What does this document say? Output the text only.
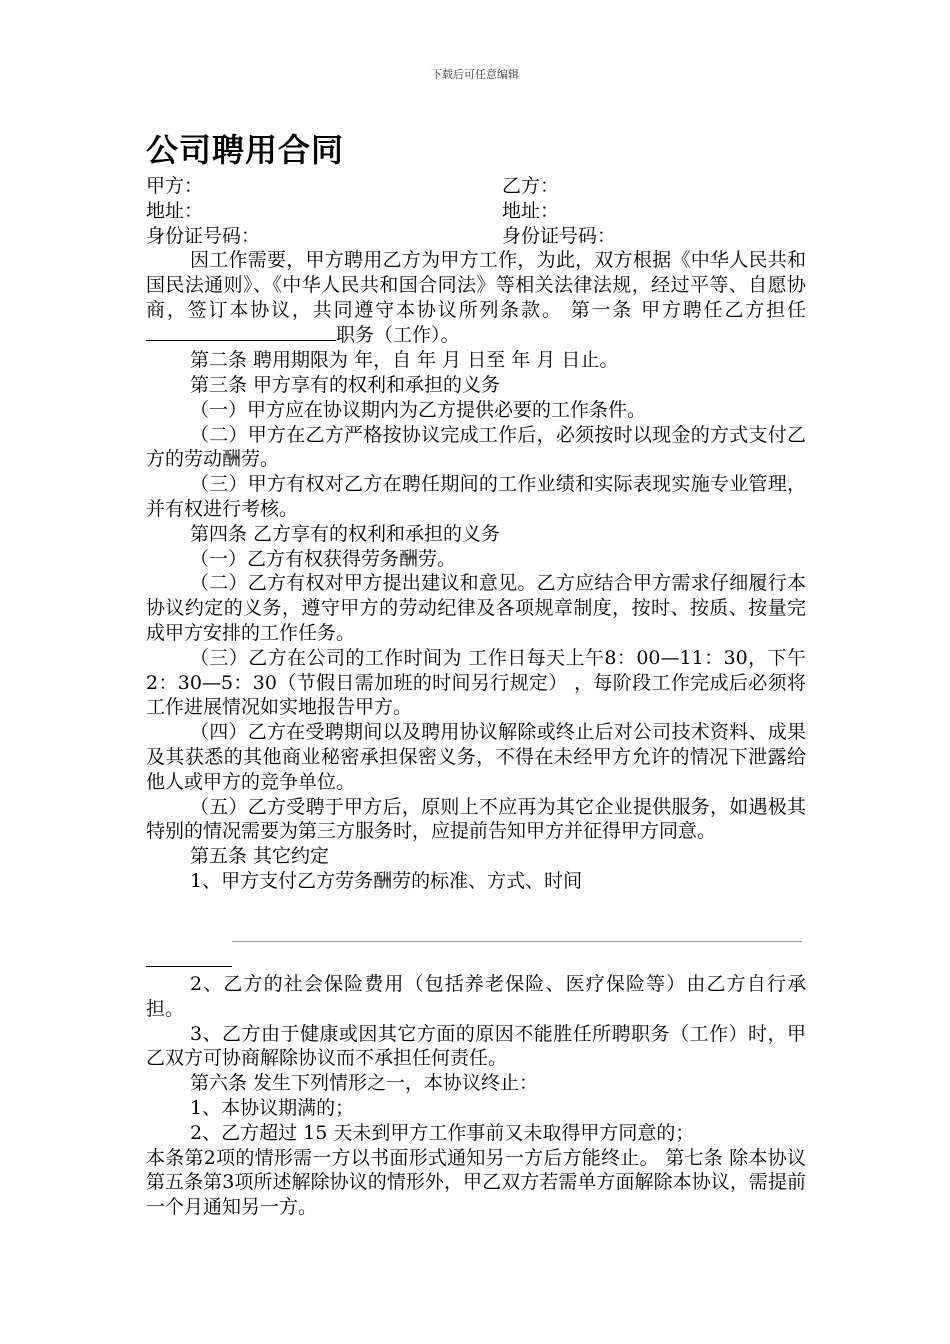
下载后可任意编辑
公司聘用合同
甲方：	乙方：
地址：	地址：
身份证号码：	身份证号码：

因工作需要，甲方聘用乙方为甲方工作，为此，双方根据《中华人民共和国民法通则》、《中华人民共和国合同法》等相关法律法规，经过平等、自愿协商，签订本协议，共同遵守本协议所列条款。 第一条 甲方聘任乙方担任职务（工作）。

第二条 聘用期限为 年，自 年 月 日至 年 月 日止。

第三条 甲方享有的权利和承担的义务

（一）甲方应在协议期内为乙方提供必要的工作条件。

（二）甲方在乙方严格按协议完成工作后，必须按时以现金的方式支付乙方的劳动酬劳。

（三）甲方有权对乙方在聘任期间的工作业绩和实际表现实施专业管理，并有权进行考核。

第四条 乙方享有的权利和承担的义务

（一）乙方有权获得劳务酬劳。

（二）乙方有权对甲方提出建议和意见。乙方应结合甲方需求仔细履行本协议约定的义务，遵守甲方的劳动纪律及各项规章制度，按时、按质、按量完成甲方安排的工作任务。

（三）乙方在公司的工作时间为 工作日每天上午8：00—11：30，下午2：30—5：30（节假日需加班的时间另行规定） ，每阶段工作完成后必须将工作进展情况如实地报告甲方。

（四）乙方在受聘期间以及聘用协议解除或终止后对公司技术资料、成果及其获悉的其他商业秘密承担保密义务，不得在未经甲方允许的情况下泄露给他人或甲方的竞争单位。

（五）乙方受聘于甲方后，原则上不应再为其它企业提供服务，如遇极其特别的情况需要为第三方服务时，应提前告知甲方并征得甲方同意。

第五条 其它约定

1、甲方支付乙方劳务酬劳的标准、方式、时间

2、乙方的社会保险费用（包括养老保险、医疗保险等）由乙方自行承担。

3、乙方由于健康或因其它方面的原因不能胜任所聘职务（工作）时，甲乙双方可协商解除协议而不承担任何责任。

第六条 发生下列情形之一，本协议终止：

1、本协议期满的；

2、乙方超过 15 天未到甲方工作事前又未取得甲方同意的；

本条第2项的情形需一方以书面形式通知另一方后方能终止。 第七条 除本协议第五条第3项所述解除协议的情形外，甲乙双方若需单方面解除本协议，需提前一个月通知另一方。
